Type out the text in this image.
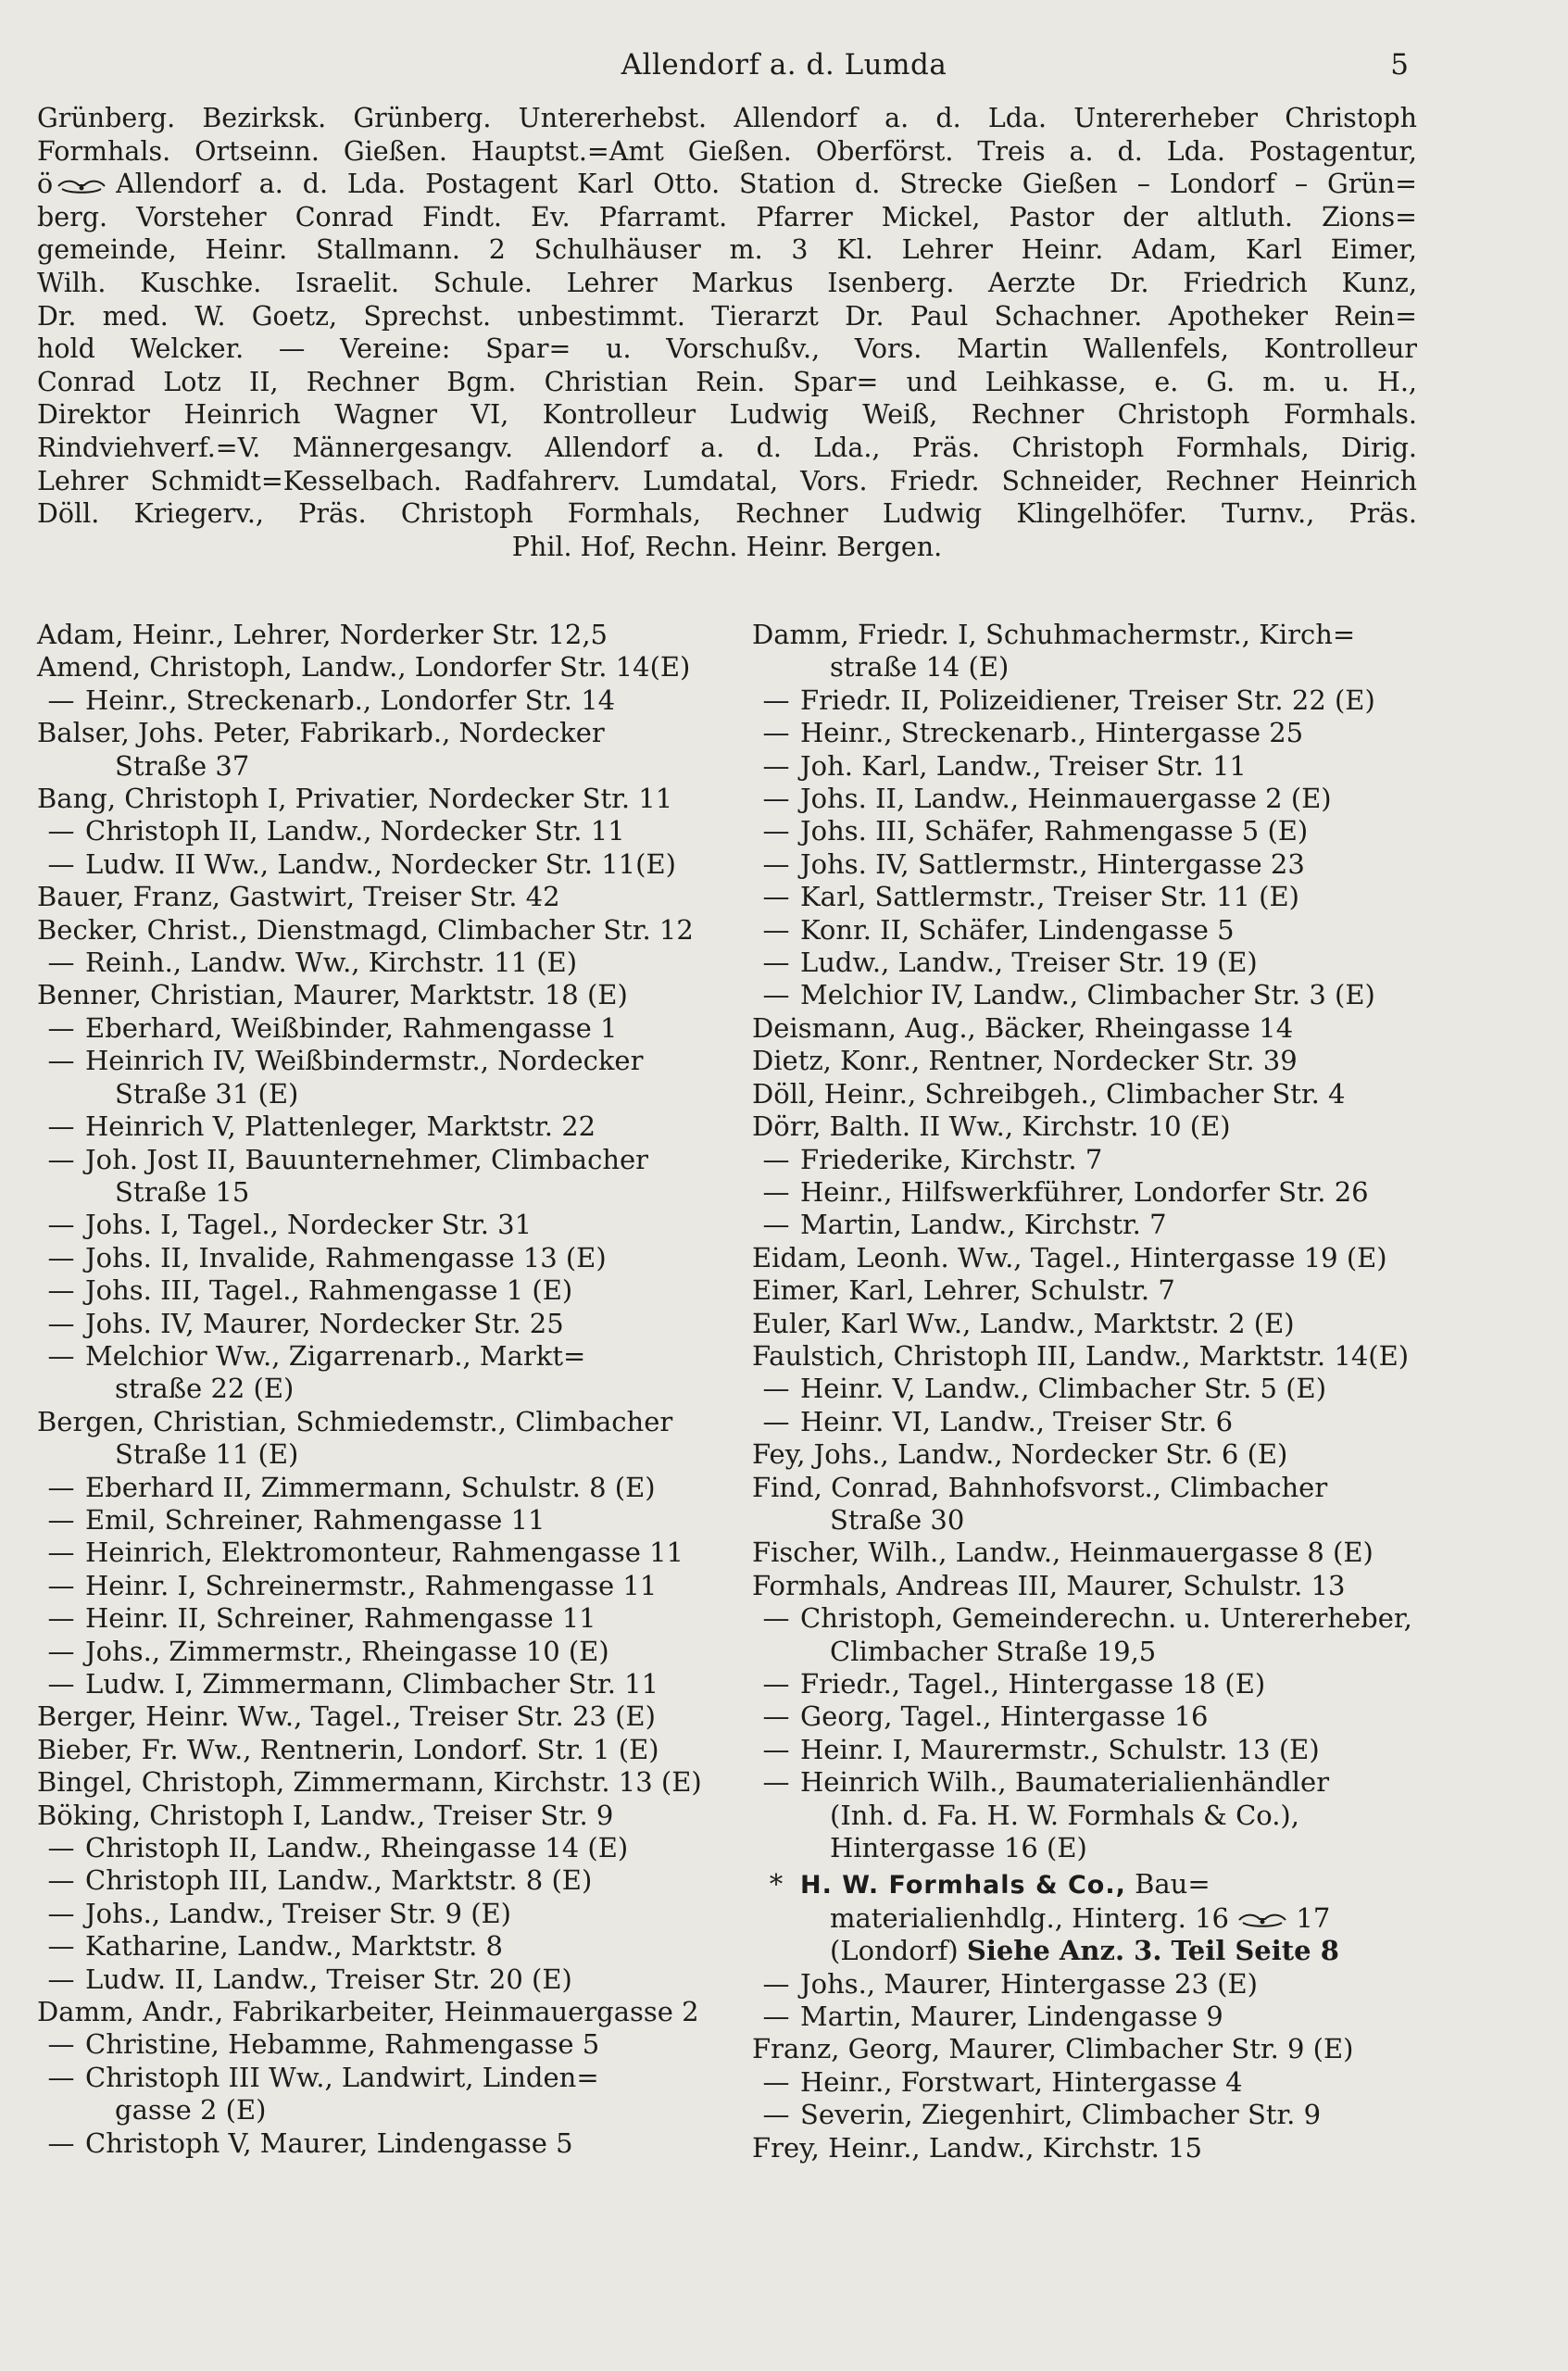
Allendorf a. d. Lumda	5

Grünberg. Bezirksk. Grünberg. Untererhebst. Allendorf a. d. Lda. Untererheber Christoph

Formhals. Ortseinn. Gießen. Hauptst.=Amt Gießen. Oberförst. Treis a. d. Lda. Postagentur,

ö Allendorf a. d. Lda. Postagent Karl Otto. Station d. Strecke Gießen – Londorf – Grün=

berg. Vorsteher Conrad Findt. Ev. Pfarramt. Pfarrer Mickel, Pastor der altluth. Zions=

gemeinde, Heinr. Stallmann. 2 Schulhäuser m. 3 Kl. Lehrer Heinr. Adam, Karl Eimer,

Wilh. Kuschke. Israelit. Schule. Lehrer Markus Isenberg. Aerzte Dr. Friedrich Kunz,

Dr. med. W. Goetz, Sprechst. unbestimmt. Tierarzt Dr. Paul Schachner. Apotheker Rein=

hold Welcker. — Vereine: Spar= u. Vorschußv., Vors. Martin Wallenfels, Kontrolleur

Conrad Lotz II, Rechner Bgm. Christian Rein. Spar= und Leihkasse, e. G. m. u. H.,

Direktor Heinrich Wagner VI, Kontrolleur Ludwig Weiß, Rechner Christoph Formhals.

Rindviehverf.=V. Männergesangv. Allendorf a. d. Lda., Präs. Christoph Formhals, Dirig.

Lehrer Schmidt=Kesselbach. Radfahrerv. Lumdatal, Vors. Friedr. Schneider, Rechner Heinrich

Döll. Kriegerv., Präs. Christoph Formhals, Rechner Ludwig Klingelhöfer. Turnv., Präs.

Phil. Hof, Rechn. Heinr. Bergen.

Adam, Heinr., Lehrer, Norderker Str. 12,5
Amend, Christoph, Landw., Londorfer Str. 14(E)
— Heinr., Streckenarb., Londorfer Str. 14
Balser, Johs. Peter, Fabrikarb., Nordecker
Straße 37
Bang, Christoph I, Privatier, Nordecker Str. 11
— Christoph II, Landw., Nordecker Str. 11
— Ludw. II Ww., Landw., Nordecker Str. 11(E)
Bauer, Franz, Gastwirt, Treiser Str. 42
Becker, Christ., Dienstmagd, Climbacher Str. 12
— Reinh., Landw. Ww., Kirchstr. 11 (E)
Benner, Christian, Maurer, Marktstr. 18 (E)
— Eberhard, Weißbinder, Rahmengasse 1
— Heinrich IV, Weißbindermstr., Nordecker
Straße 31 (E)
— Heinrich V, Plattenleger, Marktstr. 22
— Joh. Jost II, Bauunternehmer, Climbacher
Straße 15
— Johs. I, Tagel., Nordecker Str. 31
— Johs. II, Invalide, Rahmengasse 13 (E)
— Johs. III, Tagel., Rahmengasse 1 (E)
— Johs. IV, Maurer, Nordecker Str. 25
— Melchior Ww., Zigarrenarb., Markt=
straße 22 (E)
Bergen, Christian, Schmiedemstr., Climbacher
Straße 11 (E)
— Eberhard II, Zimmermann, Schulstr. 8 (E)
— Emil, Schreiner, Rahmengasse 11
— Heinrich, Elektromonteur, Rahmengasse 11
— Heinr. I, Schreinermstr., Rahmengasse 11
— Heinr. II, Schreiner, Rahmengasse 11
— Johs., Zimmermstr., Rheingasse 10 (E)
— Ludw. I, Zimmermann, Climbacher Str. 11
Berger, Heinr. Ww., Tagel., Treiser Str. 23 (E)
Bieber, Fr. Ww., Rentnerin, Londorf. Str. 1 (E)
Bingel, Christoph, Zimmermann, Kirchstr. 13 (E)
Böking, Christoph I, Landw., Treiser Str. 9
— Christoph II, Landw., Rheingasse 14 (E)
— Christoph III, Landw., Marktstr. 8 (E)
— Johs., Landw., Treiser Str. 9 (E)
— Katharine, Landw., Marktstr. 8
— Ludw. II, Landw., Treiser Str. 20 (E)
Damm, Andr., Fabrikarbeiter, Heinmauergasse 2
— Christine, Hebamme, Rahmengasse 5
— Christoph III Ww., Landwirt, Linden=
gasse 2 (E)
— Christoph V, Maurer, Lindengasse 5
Damm, Friedr. I, Schuhmachermstr., Kirch=
straße 14 (E)
— Friedr. II, Polizeidiener, Treiser Str. 22 (E)
— Heinr., Streckenarb., Hintergasse 25
— Joh. Karl, Landw., Treiser Str. 11
— Johs. II, Landw., Heinmauergasse 2 (E)
— Johs. III, Schäfer, Rahmengasse 5 (E)
— Johs. IV, Sattlermstr., Hintergasse 23
— Karl, Sattlermstr., Treiser Str. 11 (E)
— Konr. II, Schäfer, Lindengasse 5
— Ludw., Landw., Treiser Str. 19 (E)
— Melchior IV, Landw., Climbacher Str. 3 (E)
Deismann, Aug., Bäcker, Rheingasse 14
Dietz, Konr., Rentner, Nordecker Str. 39
Döll, Heinr., Schreibgeh., Climbacher Str. 4
Dörr, Balth. II Ww., Kirchstr. 10 (E)
— Friederike, Kirchstr. 7
— Heinr., Hilfswerkführer, Londorfer Str. 26
— Martin, Landw., Kirchstr. 7
Eidam, Leonh. Ww., Tagel., Hintergasse 19 (E)
Eimer, Karl, Lehrer, Schulstr. 7
Euler, Karl Ww., Landw., Marktstr. 2 (E)
Faulstich, Christoph III, Landw., Marktstr. 14(E)
— Heinr. V, Landw., Climbacher Str. 5 (E)
— Heinr. VI, Landw., Treiser Str. 6
Fey, Johs., Landw., Nordecker Str. 6 (E)
Find, Conrad, Bahnhofsvorst., Climbacher
Straße 30
Fischer, Wilh., Landw., Heinmauergasse 8 (E)
Formhals, Andreas III, Maurer, Schulstr. 13
— Christoph, Gemeinderechn. u. Untererheber,
Climbacher Straße 19,5
— Friedr., Tagel., Hintergasse 18 (E)
— Georg, Tagel., Hintergasse 16
— Heinr. I, Maurermstr., Schulstr. 13 (E)
— Heinrich Wilh., Baumaterialienhändler
(Inh. d. Fa. H. W. Formhals & Co.),
Hintergasse 16 (E)
* H. W. Formhals & Co., Bau=
materialienhdlg., Hinterg. 16 17
(Londorf) Siehe Anz. 3. Teil Seite 8
— Johs., Maurer, Hintergasse 23 (E)
— Martin, Maurer, Lindengasse 9
Franz, Georg, Maurer, Climbacher Str. 9 (E)
— Heinr., Forstwart, Hintergasse 4
— Severin, Ziegenhirt, Climbacher Str. 9
Frey, Heinr., Landw., Kirchstr. 15
